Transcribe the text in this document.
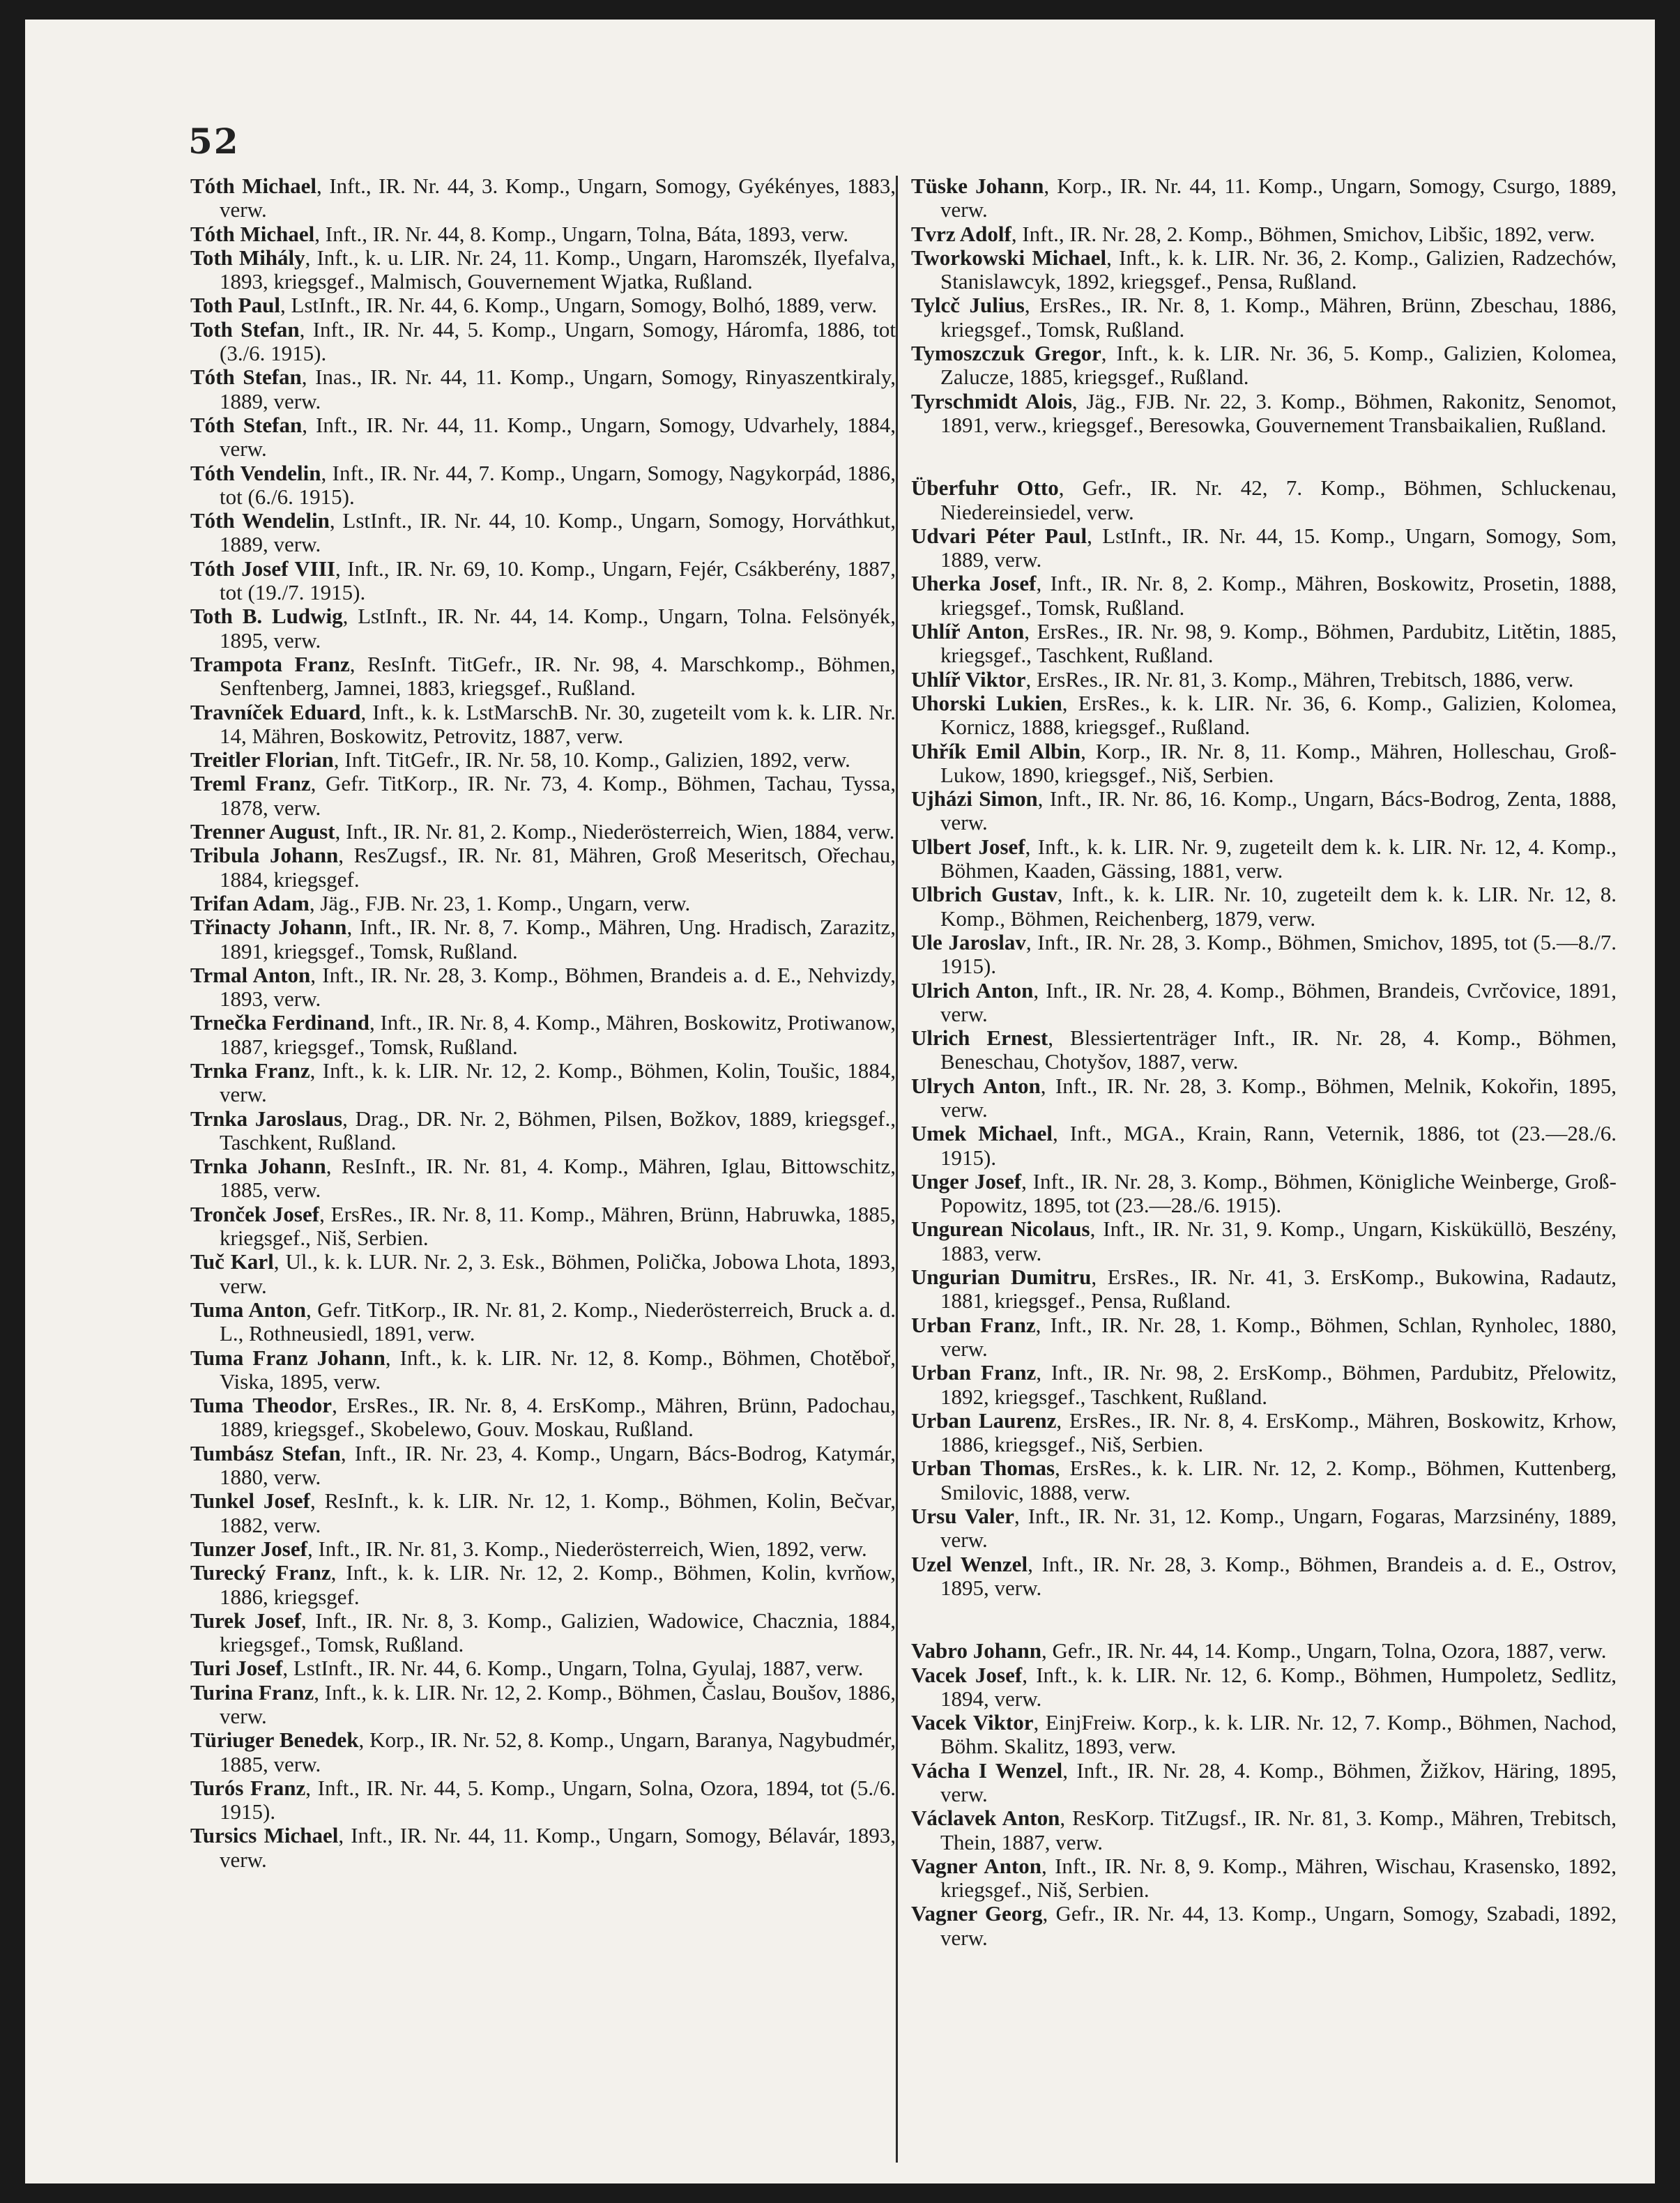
52

Tóth Michael, Inft., IR. Nr. 44, 3. Komp., Ungarn, Somogy, Gyékényes, 1883, verw.

Tóth Michael, Inft., IR. Nr. 44, 8. Komp., Ungarn, Tolna, Báta, 1893, verw.

Toth Mihály, Inft., k. u. LIR. Nr. 24, 11. Komp., Ungarn, Haromszék, Ilyefalva, 1893, kriegsgef., Malmisch, Gouvernement Wjatka, Rußland.

Toth Paul, LstInft., IR. Nr. 44, 6. Komp., Ungarn, Somogy, Bolhó, 1889, verw.

Toth Stefan, Inft., IR. Nr. 44, 5. Komp., Ungarn, Somogy, Háromfa, 1886, tot (3./6. 1915).

Tóth Stefan, Inas., IR. Nr. 44, 11. Komp., Ungarn, Somogy, Rinyaszentkiraly, 1889, verw.

Tóth Stefan, Inft., IR. Nr. 44, 11. Komp., Ungarn, Somogy, Udvarhely, 1884, verw.

Tóth Vendelin, Inft., IR. Nr. 44, 7. Komp., Ungarn, Somogy, Nagykorpád, 1886, tot (6./6. 1915).

Tóth Wendelin, LstInft., IR. Nr. 44, 10. Komp., Ungarn, Somogy, Horváthkut, 1889, verw.

Tóth Josef VIII, Inft., IR. Nr. 69, 10. Komp., Ungarn, Fejér, Csákberény, 1887, tot (19./7. 1915).

Toth B. Ludwig, LstInft., IR. Nr. 44, 14. Komp., Ungarn, Tolna. Felsönyék, 1895, verw.

Trampota Franz, ResInft. TitGefr., IR. Nr. 98, 4. Marschkomp., Böhmen, Senftenberg, Jamnei, 1883, kriegsgef., Rußland.

Travníček Eduard, Inft., k. k. LstMarschB. Nr. 30, zugeteilt vom k. k. LIR. Nr. 14, Mähren, Boskowitz, Petrovitz, 1887, verw.

Treitler Florian, Inft. TitGefr., IR. Nr. 58, 10. Komp., Galizien, 1892, verw.

Treml Franz, Gefr. TitKorp., IR. Nr. 73, 4. Komp., Böhmen, Tachau, Tyssa, 1878, verw.

Trenner August, Inft., IR. Nr. 81, 2. Komp., Niederösterreich, Wien, 1884, verw.

Tribula Johann, ResZugsf., IR. Nr. 81, Mähren, Groß Meseritsch, Ořechau, 1884, kriegsgef.

Trifan Adam, Jäg., FJB. Nr. 23, 1. Komp., Ungarn, verw.

Třinacty Johann, Inft., IR. Nr. 8, 7. Komp., Mähren, Ung. Hradisch, Zarazitz, 1891, kriegsgef., Tomsk, Rußland.

Trmal Anton, Inft., IR. Nr. 28, 3. Komp., Böhmen, Brandeis a. d. E., Nehvizdy, 1893, verw.

Trnečka Ferdinand, Inft., IR. Nr. 8, 4. Komp., Mähren, Boskowitz, Protiwanow, 1887, kriegsgef., Tomsk, Rußland.

Trnka Franz, Inft., k. k. LIR. Nr. 12, 2. Komp., Böhmen, Kolin, Toušic, 1884, verw.

Trnka Jaroslaus, Drag., DR. Nr. 2, Böhmen, Pilsen, Božkov, 1889, kriegsgef., Taschkent, Rußland.

Trnka Johann, ResInft., IR. Nr. 81, 4. Komp., Mähren, Iglau, Bittowschitz, 1885, verw.

Tronček Josef, ErsRes., IR. Nr. 8, 11. Komp., Mähren, Brünn, Habruwka, 1885, kriegsgef., Niš, Serbien.

Tuč Karl, Ul., k. k. LUR. Nr. 2, 3. Esk., Böhmen, Polička, Jobowa Lhota, 1893, verw.

Tuma Anton, Gefr. TitKorp., IR. Nr. 81, 2. Komp., Niederösterreich, Bruck a. d. L., Rothneusiedl, 1891, verw.

Tuma Franz Johann, Inft., k. k. LIR. Nr. 12, 8. Komp., Böhmen, Chotěboř, Viska, 1895, verw.

Tuma Theodor, ErsRes., IR. Nr. 8, 4. ErsKomp., Mähren, Brünn, Padochau, 1889, kriegsgef., Skobelewo, Gouv. Moskau, Rußland.

Tumbász Stefan, Inft., IR. Nr. 23, 4. Komp., Ungarn, Bács-Bodrog, Katymár, 1880, verw.

Tunkel Josef, ResInft., k. k. LIR. Nr. 12, 1. Komp., Böhmen, Kolin, Bečvar, 1882, verw.

Tunzer Josef, Inft., IR. Nr. 81, 3. Komp., Niederösterreich, Wien, 1892, verw.

Turecký Franz, Inft., k. k. LIR. Nr. 12, 2. Komp., Böhmen, Kolin, kvrňow, 1886, kriegsgef.

Turek Josef, Inft., IR. Nr. 8, 3. Komp., Galizien, Wadowice, Chacznia, 1884, kriegsgef., Tomsk, Rußland.

Turi Josef, LstInft., IR. Nr. 44, 6. Komp., Ungarn, Tolna, Gyulaj, 1887, verw.

Turina Franz, Inft., k. k. LIR. Nr. 12, 2. Komp., Böhmen, Časlau, Boušov, 1886, verw.

Türiuger Benedek, Korp., IR. Nr. 52, 8. Komp., Ungarn, Baranya, Nagybudmér, 1885, verw.

Turós Franz, Inft., IR. Nr. 44, 5. Komp., Ungarn, Solna, Ozora, 1894, tot (5./6. 1915).

Tursics Michael, Inft., IR. Nr. 44, 11. Komp., Ungarn, Somogy, Bélavár, 1893, verw.

Tüske Johann, Korp., IR. Nr. 44, 11. Komp., Ungarn, Somogy, Csurgo, 1889, verw.

Tvrz Adolf, Inft., IR. Nr. 28, 2. Komp., Böhmen, Smichov, Libšic, 1892, verw.

Tworkowski Michael, Inft., k. k. LIR. Nr. 36, 2. Komp., Galizien, Radzechów, Stanislawcyk, 1892, kriegsgef., Pensa, Rußland.

Tylcč Julius, ErsRes., IR. Nr. 8, 1. Komp., Mähren, Brünn, Zbeschau, 1886, kriegsgef., Tomsk, Rußland.

Tymoszczuk Gregor, Inft., k. k. LIR. Nr. 36, 5. Komp., Galizien, Kolomea, Zalucze, 1885, kriegsgef., Rußland.

Tyrschmidt Alois, Jäg., FJB. Nr. 22, 3. Komp., Böhmen, Rakonitz, Senomot, 1891, verw., kriegsgef., Beresowka, Gouvernement Transbaikalien, Rußland.

Überfuhr Otto, Gefr., IR. Nr. 42, 7. Komp., Böhmen, Schluckenau, Niedereinsiedel, verw.

Udvari Péter Paul, LstInft., IR. Nr. 44, 15. Komp., Ungarn, Somogy, Som, 1889, verw.

Uherka Josef, Inft., IR. Nr. 8, 2. Komp., Mähren, Boskowitz, Prosetin, 1888, kriegsgef., Tomsk, Rußland.

Uhlíř Anton, ErsRes., IR. Nr. 98, 9. Komp., Böhmen, Pardubitz, Litětin, 1885, kriegsgef., Taschkent, Rußland.

Uhlíř Viktor, ErsRes., IR. Nr. 81, 3. Komp., Mähren, Trebitsch, 1886, verw.

Uhorski Lukien, ErsRes., k. k. LIR. Nr. 36, 6. Komp., Galizien, Kolomea, Kornicz, 1888, kriegsgef., Rußland.

Uhřík Emil Albin, Korp., IR. Nr. 8, 11. Komp., Mähren, Holleschau, Groß-Lukow, 1890, kriegsgef., Niš, Serbien.

Ujházi Simon, Inft., IR. Nr. 86, 16. Komp., Ungarn, Bács-Bodrog, Zenta, 1888, verw.

Ulbert Josef, Inft., k. k. LIR. Nr. 9, zugeteilt dem k. k. LIR. Nr. 12, 4. Komp., Böhmen, Kaaden, Gässing, 1881, verw.

Ulbrich Gustav, Inft., k. k. LIR. Nr. 10, zugeteilt dem k. k. LIR. Nr. 12, 8. Komp., Böhmen, Reichenberg, 1879, verw.

Ule Jaroslav, Inft., IR. Nr. 28, 3. Komp., Böhmen, Smichov, 1895, tot (5.—8./7. 1915).

Ulrich Anton, Inft., IR. Nr. 28, 4. Komp., Böhmen, Brandeis, Cvrčovice, 1891, verw.

Ulrich Ernest, Blessiertenträger Inft., IR. Nr. 28, 4. Komp., Böhmen, Beneschau, Chotyšov, 1887, verw.

Ulrych Anton, Inft., IR. Nr. 28, 3. Komp., Böhmen, Melnik, Kokořin, 1895, verw.

Umek Michael, Inft., MGA., Krain, Rann, Veternik, 1886, tot (23.—28./6. 1915).

Unger Josef, Inft., IR. Nr. 28, 3. Komp., Böhmen, Königliche Weinberge, Groß-Popowitz, 1895, tot (23.—28./6. 1915).

Ungurean Nicolaus, Inft., IR. Nr. 31, 9. Komp., Ungarn, Kisküküllö, Beszény, 1883, verw.

Ungurian Dumitru, ErsRes., IR. Nr. 41, 3. ErsKomp., Bukowina, Radautz, 1881, kriegsgef., Pensa, Rußland.

Urban Franz, Inft., IR. Nr. 28, 1. Komp., Böhmen, Schlan, Rynholec, 1880, verw.

Urban Franz, Inft., IR. Nr. 98, 2. ErsKomp., Böhmen, Pardubitz, Přelowitz, 1892, kriegsgef., Taschkent, Rußland.

Urban Laurenz, ErsRes., IR. Nr. 8, 4. ErsKomp., Mähren, Boskowitz, Krhow, 1886, kriegsgef., Niš, Serbien.

Urban Thomas, ErsRes., k. k. LIR. Nr. 12, 2. Komp., Böhmen, Kuttenberg, Smilovic, 1888, verw.

Ursu Valer, Inft., IR. Nr. 31, 12. Komp., Ungarn, Fogaras, Marzsinény, 1889, verw.

Uzel Wenzel, Inft., IR. Nr. 28, 3. Komp., Böhmen, Brandeis a. d. E., Ostrov, 1895, verw.

Vabro Johann, Gefr., IR. Nr. 44, 14. Komp., Ungarn, Tolna, Ozora, 1887, verw.

Vacek Josef, Inft., k. k. LIR. Nr. 12, 6. Komp., Böhmen, Humpoletz, Sedlitz, 1894, verw.

Vacek Viktor, EinjFreiw. Korp., k. k. LIR. Nr. 12, 7. Komp., Böhmen, Nachod, Böhm. Skalitz, 1893, verw.

Vácha I Wenzel, Inft., IR. Nr. 28, 4. Komp., Böhmen, Žižkov, Häring, 1895, verw.

Václavek Anton, ResKorp. TitZugsf., IR. Nr. 81, 3. Komp., Mähren, Trebitsch, Thein, 1887, verw.

Vagner Anton, Inft., IR. Nr. 8, 9. Komp., Mähren, Wischau, Krasensko, 1892, kriegsgef., Niš, Serbien.

Vagner Georg, Gefr., IR. Nr. 44, 13. Komp., Ungarn, Somogy, Szabadi, 1892, verw.
